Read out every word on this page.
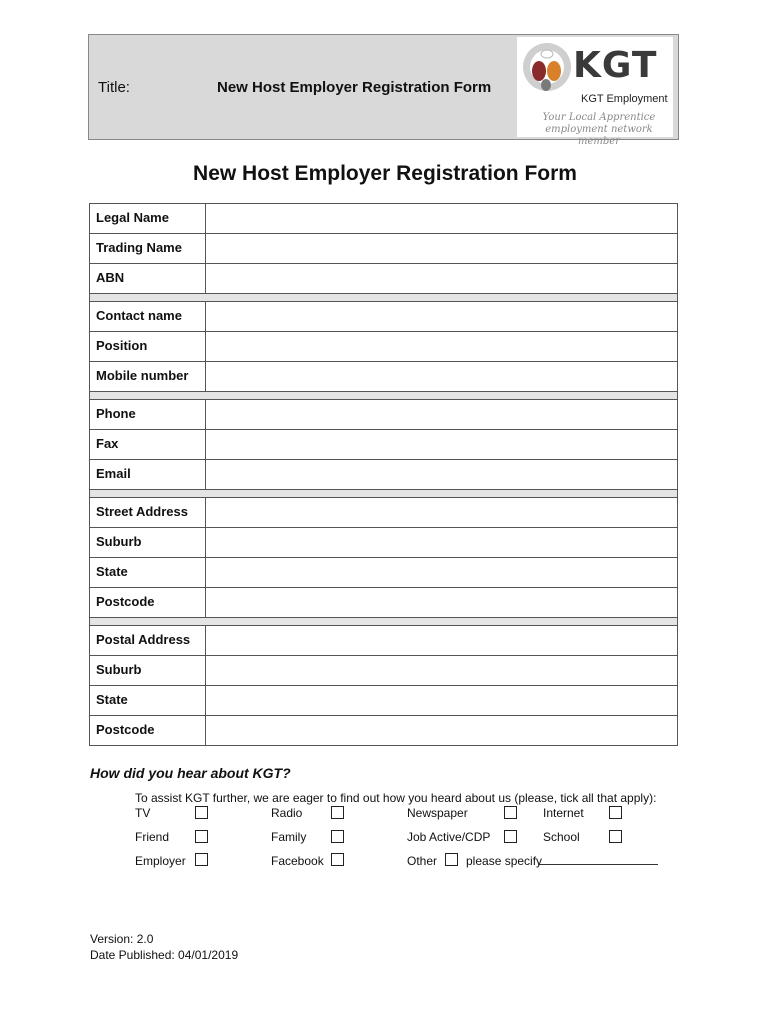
Title:	New Host Employer Registration Form
KGT
KGT Employment
Your Local Apprentice employment network member
New Host Employer Registration Form
Legal Name
Trading Name
ABN
Contact name
Position
Mobile number
Phone
Fax
Email
Street Address
Suburb
State
Postcode
Postal Address
Suburb
State
Postcode
How did you hear about KGT?
To assist KGT further, we are eager to find out how you heard about us (please, tick all that apply):
TV	Radio	Newspaper	Internet
Friend	Family	Job Active/CDP	School
Employer	Facebook	Other please specify
Version: 2.0
Date Published: 04/01/2019
